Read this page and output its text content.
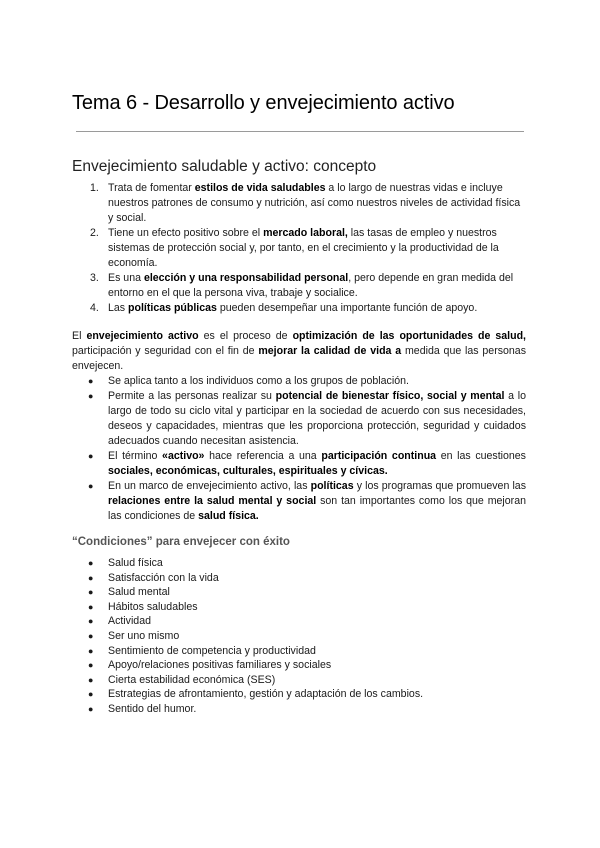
Tema 6 - Desarrollo y envejecimiento activo
Envejecimiento saludable y activo: concepto
1. Trata de fomentar estilos de vida saludables a lo largo de nuestras vidas e incluye nuestros patrones de consumo y nutrición, así como nuestros niveles de actividad física y social.
2. Tiene un efecto positivo sobre el mercado laboral, las tasas de empleo y nuestros sistemas de protección social y, por tanto, en el crecimiento y la productividad de la economía.
3. Es una elección y una responsabilidad personal, pero depende en gran medida del entorno en el que la persona viva, trabaje y socialice.
4. Las políticas públicas pueden desempeñar una importante función de apoyo.

El envejecimiento activo es el proceso de optimización de las oportunidades de salud, participación y seguridad con el fin de mejorar la calidad de vida a medida que las personas envejecen.

● Se aplica tanto a los individuos como a los grupos de población.
● Permite a las personas realizar su potencial de bienestar físico, social y mental a lo largo de todo su ciclo vital y participar en la sociedad de acuerdo con sus necesidades, deseos y capacidades, mientras que les proporciona protección, seguridad y cuidados adecuados cuando necesitan asistencia.
● El término «activo» hace referencia a una participación continua en las cuestiones sociales, económicas, culturales, espirituales y cívicas.
● En un marco de envejecimiento activo, las políticas y los programas que promueven las relaciones entre la salud mental y social son tan importantes como los que mejoran las condiciones de salud física.
“Condiciones” para envejecer con éxito
● Salud física
● Satisfacción con la vida
● Salud mental
● Hábitos saludables
● Actividad
● Ser uno mismo
● Sentimiento de competencia y productividad
● Apoyo/relaciones positivas familiares y sociales
● Cierta estabilidad económica (SES)
● Estrategias de afrontamiento, gestión y adaptación de los cambios.
● Sentido del humor.
